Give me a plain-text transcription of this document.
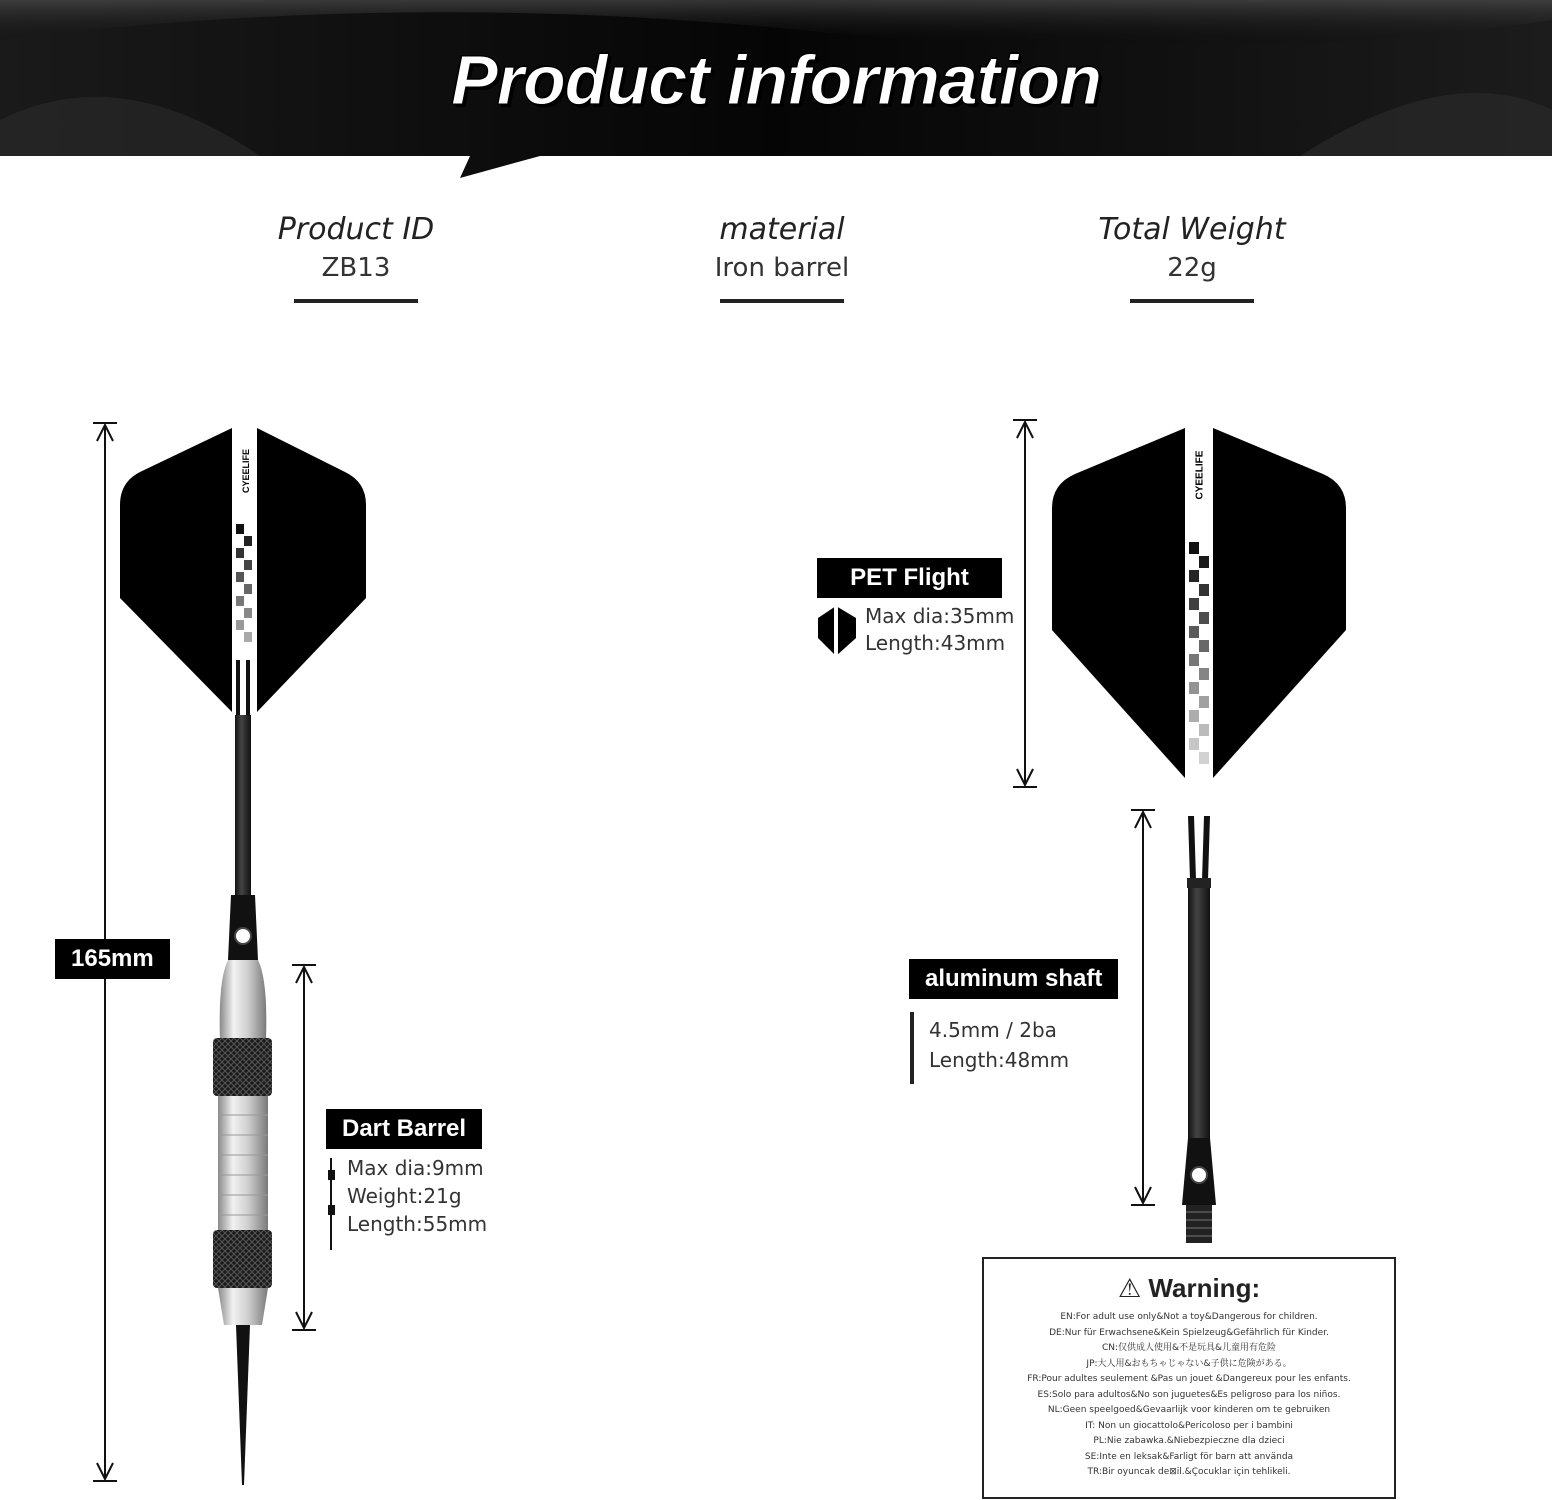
Product information
Product ID
ZB13
material
Iron barrel
Total Weight
22g
CYEELIFE	CYEELIFE
165mm
Dart Barrel
Max dia:9mm
Weight:21g
Length:55mm
PET Flight
Max dia:35mm
Length:43mm
aluminum shaft
4.5mm / 2ba
Length:48mm
⚠ Warning:
EN:For adult use only&Not a toy&Dangerous for children.
DE:Nur für Erwachsene&Kein Spielzeug&Gefährlich für Kinder.
CN:仅供成人使用&不是玩具&儿童用有危险
JP:大人用&おもちゃじゃない&子供に危険がある。
FR:Pour adultes seulement &Pas un jouet &Dangereux pour les enfants.
ES:Solo para adultos&No son juguetes&Es peligroso para los niños.
NL:Geen speelgoed&Gevaarlijk voor kinderen om te gebruiken
IT: Non un giocattolo&Pericoloso per i bambini
PL:Nie zabawka.&Niebezpieczne dla dzieci
SE:Inte en leksak&Farligt för barn att använda
TR:Bir oyuncak de⊠il.&Çocuklar için tehlikeli.
